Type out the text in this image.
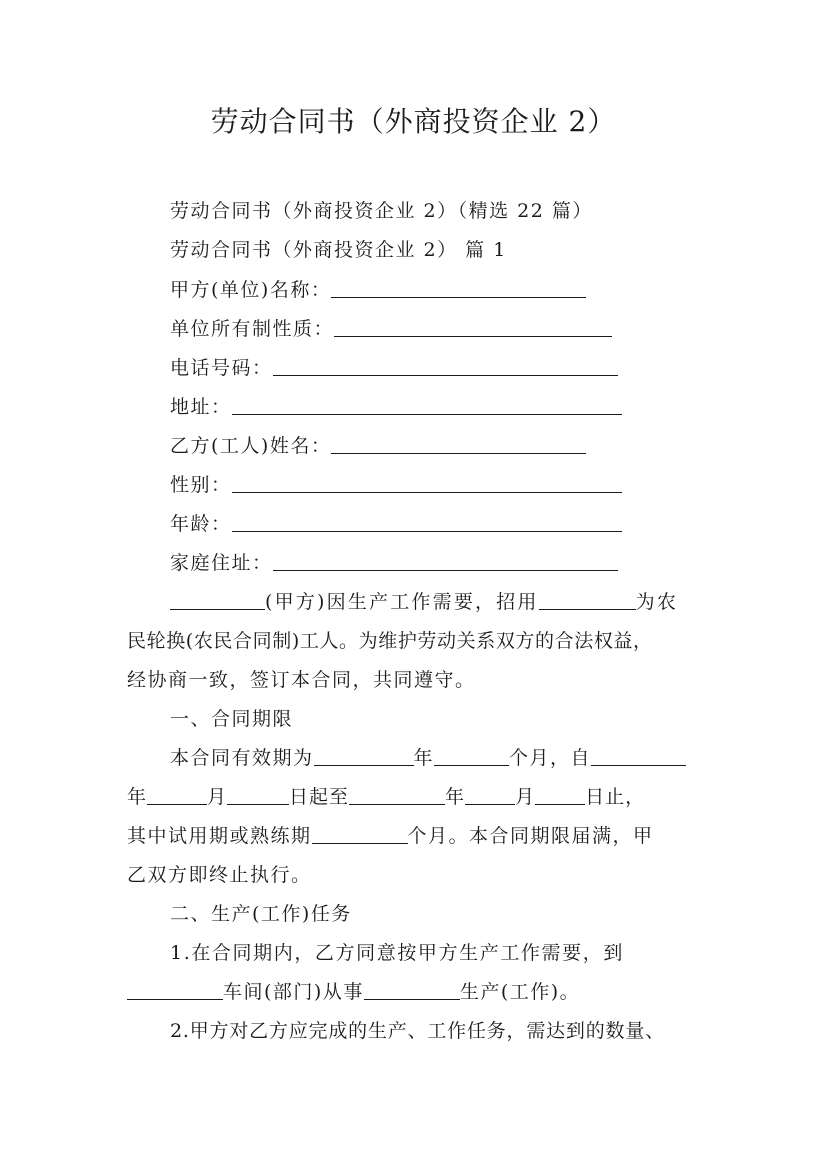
劳动合同书（外商投资企业 2）
劳动合同书（外商投资企业 2）（精选 22 篇）
劳动合同书（外商投资企业 2） 篇 1
甲方(单位)名称：
单位所有制性质：
电话号码：
地址：
乙方(工人)姓名：
性别：
年龄：
家庭住址：
(甲方)因生产工作需要，招用	为农
民轮换(农民合同制)工人。为维护劳动关系双方的合法权益，
经协商一致，签订本合同，共同遵守。
一、合同期限
本合同有效期为	年	个月，自
年	月	日起至	年	月	日止，
其中试用期或熟练期	个月。本合同期限届满，甲
乙双方即终止执行。
二、生产(工作)任务
1.在合同期内，乙方同意按甲方生产工作需要，到
车间(部门)从事	生产(工作)。
2.甲方对乙方应完成的生产、工作任务，需达到的数量、
